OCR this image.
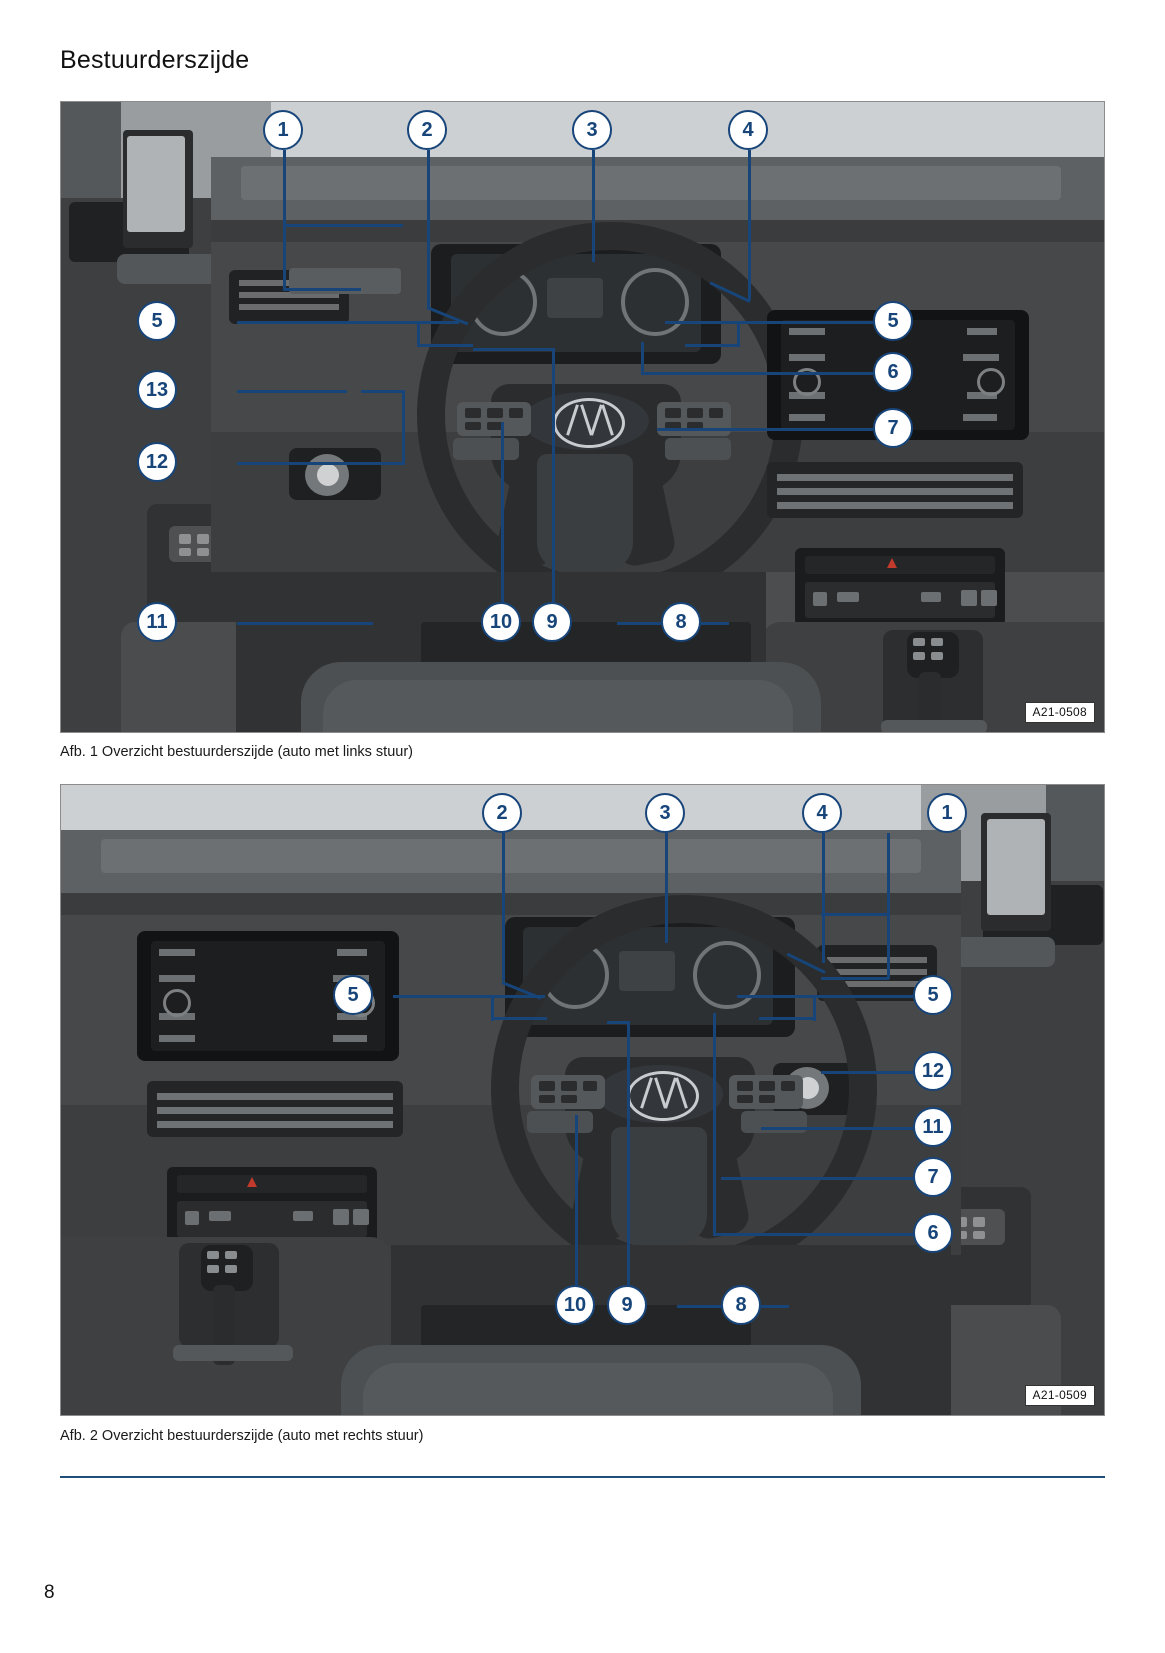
Bestuurderszijde
A21-0508
1	2	3	4
5	5
6
7
8
9
10
11
12
13
Afb. 1 Overzicht bestuurderszijde (auto met links stuur)
A21-0509
2	3	4	1
5	5
12
11
7
6
8
9
10
Afb. 2 Overzicht bestuurderszijde (auto met rechts stuur)
8
